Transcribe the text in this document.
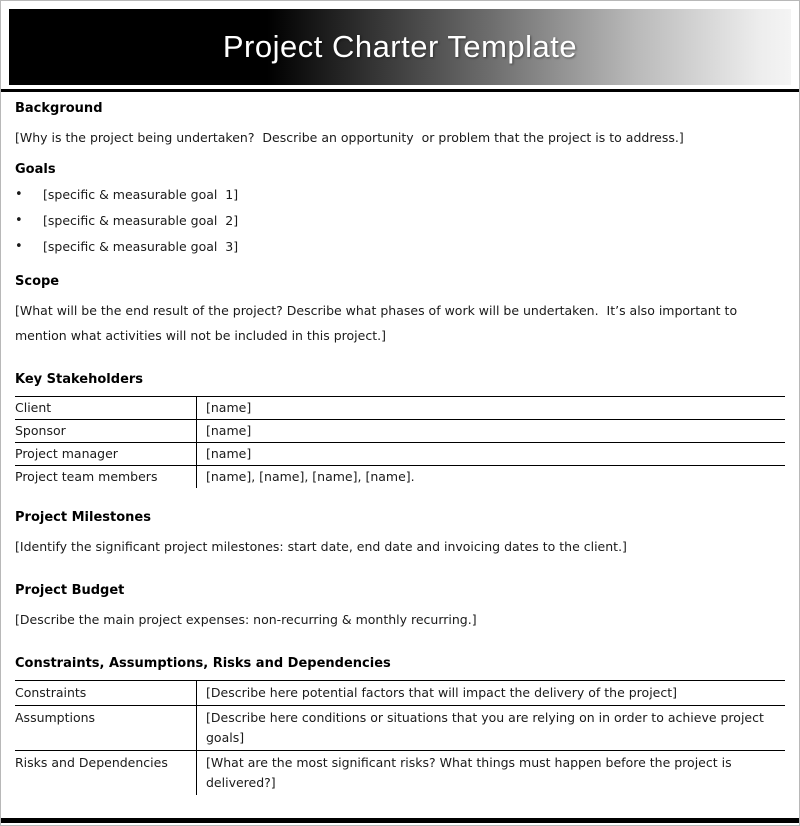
Project Charter Template
Background

[Why is the project being undertaken?  Describe an opportunity  or problem that the project is to address.]

Goals
•	[specific & measurable goal  1]
•	[specific & measurable goal  2]
•	[specific & measurable goal  3]
Scope

[What will be the end result of the project? Describe what phases of work will be undertaken.  It’s also important to mention what activities will not be included in this project.]

Key Stakeholders
Client	[name]
Sponsor	[name]
Project manager	[name]
Project team members	[name], [name], [name], [name].
Project Milestones

[Identify the significant project milestones: start date, end date and invoicing dates to the client.]

Project Budget

[Describe the main project expenses: non-recurring & monthly recurring.]

Constraints, Assumptions, Risks and Dependencies
Constraints	[Describe here potential factors that will impact the delivery of the project]
Assumptions	[Describe here conditions or situations that you are relying on in order to achieve project goals]
Risks and Dependencies	[What are the most significant risks? What things must happen before the project is delivered?]
